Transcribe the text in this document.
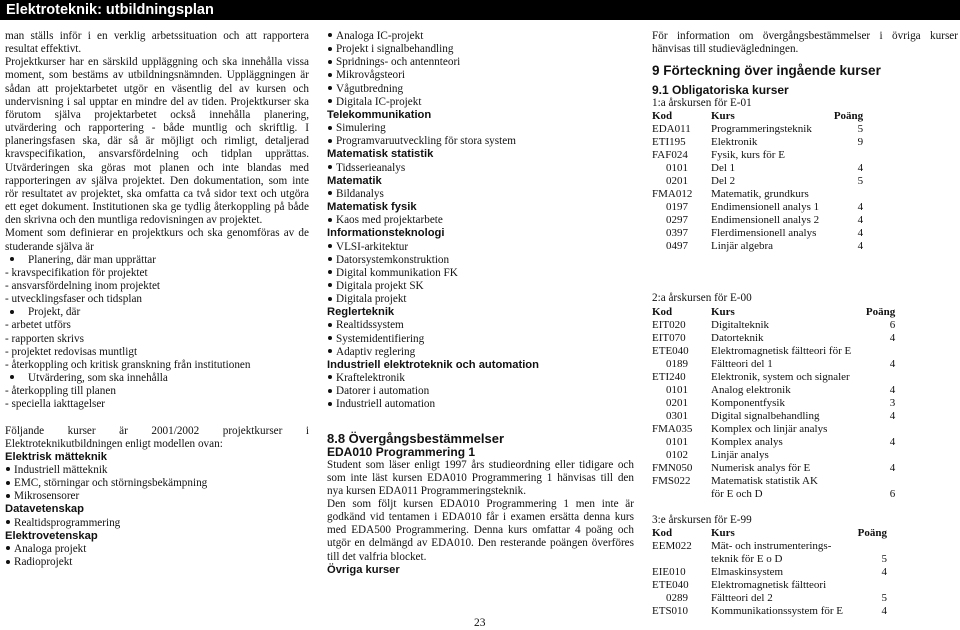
Elektroteknik: utbildningsplan
man ställs inför i en verklig arbetssituation och att rapportera resultat effektivt.
Projektkurser har en särskild uppläggning och ska innehålla vissa moment, som bestäms av utbildningsnämnden. Uppläggningen är sådan att projektarbetet utgör en väsentlig del av kursen och undervisning i sal upptar en mindre del av tiden. Projektkurser ska förutom själva projektarbetet också innehålla planering, utvärdering och rapportering - både muntlig och skriftlig. I planeringsfasen ska, där så är möjligt och rimligt, detaljerad kravspecifikation, ansvarsfördelning och tidplan upprättas. Utvärderingen ska göras mot planen och inte blandas med rapporteringen av själva projektet. Den dokumentation, som inte rör resultatet av projektet, ska omfatta ca två sidor text och utgöra ett eget dokument. Institutionen ska ge tydlig återkoppling på både den skrivna och den muntliga redovisningen av projektet.
Moment som definierar en projektkurs och ska genomföras av de studerande själva är
Planering, där man upprättar
- kravspecifikation för projektet
- ansvarsfördelning inom projektet
- utvecklingsfaser och tidsplan
Projekt, där
- arbetet utförs
- rapporten skrivs
- projektet redovisas muntligt
- återkoppling och kritisk granskning från institutionen
Utvärdering, som ska innehålla
- återkoppling till planen
- speciella iakttagelser
Följande kurser är 2001/2002 projektkurser i Elektroteknikutbildningen enligt modellen ovan:
Elektrisk mätteknik
Industriell mätteknik
EMC, störningar och störningsbekämpning
Mikrosensorer
Datavetenskap
Realtidsprogrammering
Elektrovetenskap
Analoga projekt
Radioprojekt
Analoga IC-projekt
Projekt i signalbehandling
Spridnings- och antennteori
Mikrovågsteori
Vågutbredning
Digitala IC-projekt
Telekommunikation
Simulering
Programvaruutveckling för stora system
Matematisk statistik
Tidsserieanalys
Matematik
Bildanalys
Matematisk fysik
Kaos med projektarbete
Informationsteknologi
VLSI-arkitektur
Datorsystemkonstruktion
Digital kommunikation FK
Digitala projekt SK
Digitala projekt
Reglerteknik
Realtidssystem
Systemidentifiering
Adaptiv reglering
Industriell elektroteknik och automation
Kraftelektronik
Datorer i automation
Industriell automation
8.8 Övergångsbestämmelser
EDA010 Programmering 1
Student som läser enligt 1997 års studieordning eller tidigare och som inte läst kursen EDA010 Programmering 1 hänvisas till den nya kursen EDA011 Programmeringsteknik.
Den som följt kursen EDA010 Programmering 1 men inte är godkänd vid tentamen i EDA010 får i examen ersätta denna kurs med EDA500 Programmering. Denna kurs omfattar 4 poäng och utgör en delmängd av EDA010. Den resterande poängen överföres till det valfria blocket.
Övriga kurser
För information om övergångsbestämmelser i övriga kurser hänvisas till studievägledningen.
9 Förteckning över ingående kurser
9.1 Obligatoriska kurser
1:a årskursen för E-01
Kod	Kurs	Poäng
EDA011	Programmeringsteknik	5
ETI195	Elektronik	9
FAF024	Fysik, kurs för E	
0101	Del 1	4
0201	Del 2	5
FMA012	Matematik, grundkurs	
0197	Endimensionell analys 1	4
0297	Endimensionell analys 2	4
0397	Flerdimensionell analys	4
0497	Linjär algebra	4
2:a årskursen för E-00
Kod	Kurs	Poäng
EIT020	Digitalteknik	6
EIT070	Datorteknik	4
ETE040	Elektromagnetisk fältteori för E	
0189	Fältteori del 1	4
ETI240	Elektronik, system och signaler	
0101	Analog elektronik	4
0201	Komponentfysik	3
0301	Digital signalbehandling	4
FMA035	Komplex och linjär analys	
0101	Komplex analys	4
0102	Linjär analys	
FMN050	Numerisk analys för E	4
FMS022	Matematisk statistik AK	
	för E och D	6
3:e årskursen för E-99
Kod	Kurs	Poäng
EEM022	Mät- och instrumenterings-	
	teknik för E o D	5
EIE010	Elmaskinsystem	4
ETE040	Elektromagnetisk fältteori	
0289	Fältteori del 2	5
ETS010	Kommunikationssystem för E	4
23
